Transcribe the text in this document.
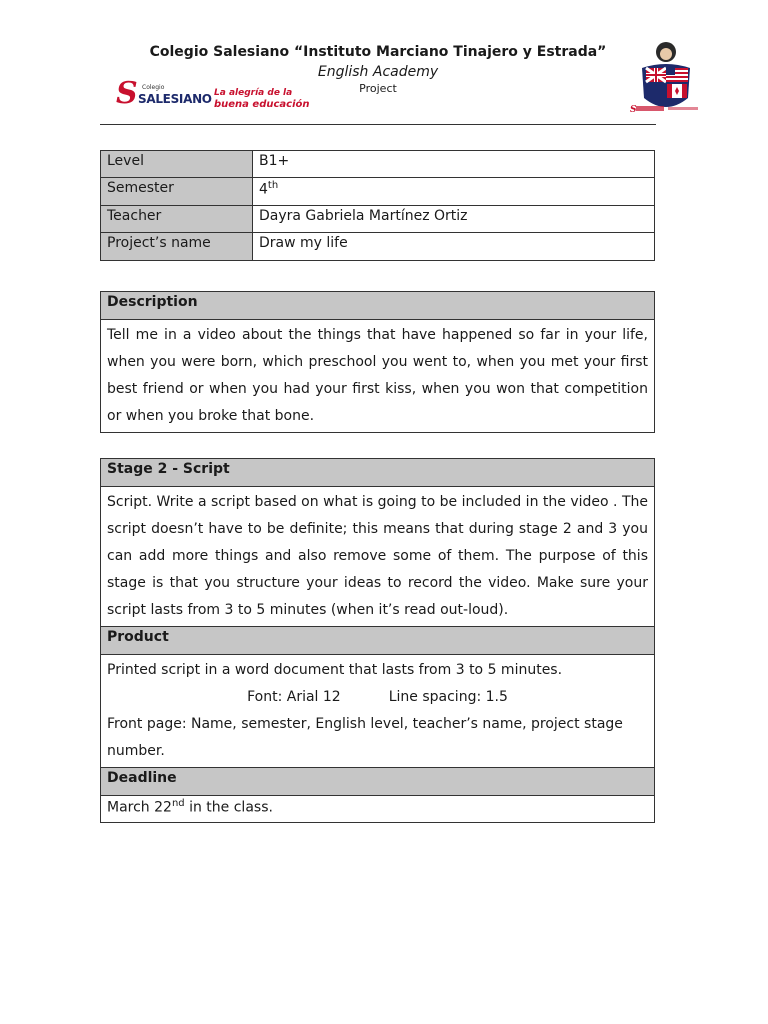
Colegio Salesiano “Instituto Marciano Tinajero y Estrada”
English Academy
Project
S Colegio
SALESIANO La alegría de la
buena educación	S
Level	B1+
Semester	4th
Teacher	Dayra Gabriela Martínez Ortiz
Project’s name	Draw my life
Description
Tell me in a video about the things that have happened so far in your life, when you were born, which preschool you went to, when you met your first best friend or when you had your first kiss, when you won that competition or when you broke that bone.
Stage 2 - Script
Script. Write a script based on what is going to be included in the video . The script doesn’t have to be definite; this means that during stage 2 and 3 you can add more things and also remove some of them. The purpose of this stage is that you structure your ideas to record the video. Make sure your script lasts from 3 to 5 minutes (when it’s read out-loud).
Product

Printed script in a word document that lasts from 3 to 5 minutes.
Font: Arial 12	Line spacing: 1.5
Front page: Name, semester, English level, teacher’s name, project stage number.

Deadline
March 22nd in the class.
